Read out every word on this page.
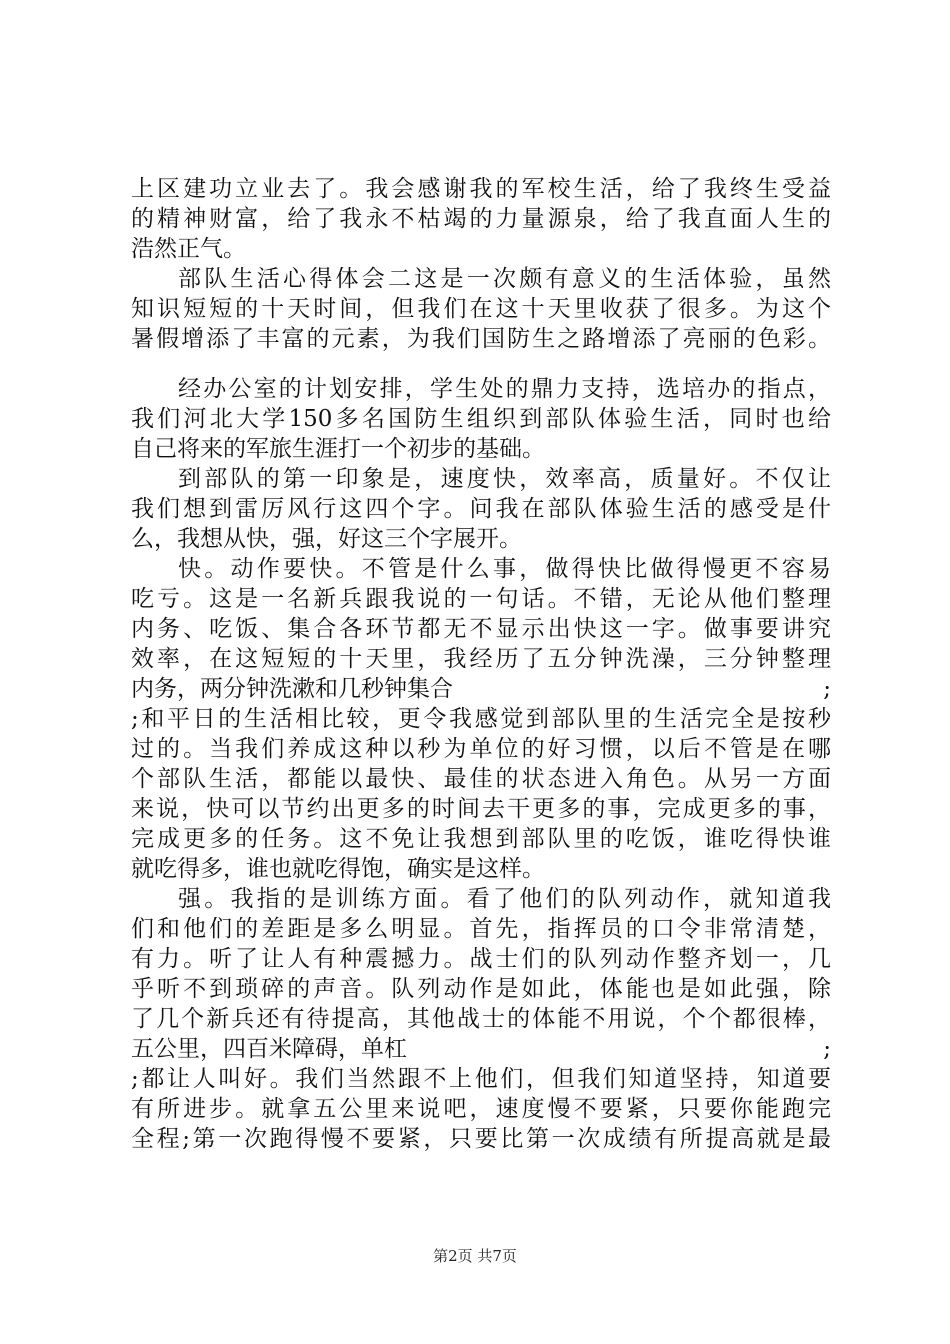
上区建功立业去了。我会感谢我的军校生活，给了我终生受益
的精神财富，给了我永不枯竭的力量源泉，给了我直面人生的
浩然正气。
部队生活心得体会二这是一次颇有意义的生活体验，虽然
知识短短的十天时间，但我们在这十天里收获了很多。为这个
暑假增添了丰富的元素，为我们国防生之路增添了亮丽的色彩。
经办公室的计划安排，学生处的鼎力支持，选培办的指点，
我们河北大学150多名国防生组织到部队体验生活，同时也给
自己将来的军旅生涯打一个初步的基础。
到部队的第一印象是，速度快，效率高，质量好。不仅让
我们想到雷厉风行这四个字。问我在部队体验生活的感受是什
么，我想从快，强，好这三个字展开。
快。动作要快。不管是什么事，做得快比做得慢更不容易
吃亏。这是一名新兵跟我说的一句话。不错，无论从他们整理
内务、吃饭、集合各环节都无不显示出快这一字。做事要讲究
效率，在这短短的十天里，我经历了五分钟洗澡，三分钟整理
内务，两分钟洗漱和几秒钟集合	;
;和平日的生活相比较，更令我感觉到部队里的生活完全是按秒
过的。当我们养成这种以秒为单位的好习惯，以后不管是在哪
个部队生活，都能以最快、最佳的状态进入角色。从另一方面
来说，快可以节约出更多的时间去干更多的事，完成更多的事，
完成更多的任务。这不免让我想到部队里的吃饭，谁吃得快谁
就吃得多，谁也就吃得饱，确实是这样。
强。我指的是训练方面。看了他们的队列动作，就知道我
们和他们的差距是多么明显。首先，指挥员的口令非常清楚，
有力。听了让人有种震撼力。战士们的队列动作整齐划一，几
乎听不到琐碎的声音。队列动作是如此，体能也是如此强，除
了几个新兵还有待提高，其他战士的体能不用说，个个都很棒，
五公里，四百米障碍，单杠	;
;都让人叫好。我们当然跟不上他们，但我们知道坚持，知道要
有所进步。就拿五公里来说吧，速度慢不要紧，只要你能跑完
全程;第一次跑得慢不要紧，只要比第一次成绩有所提高就是最
第2页 共7页
